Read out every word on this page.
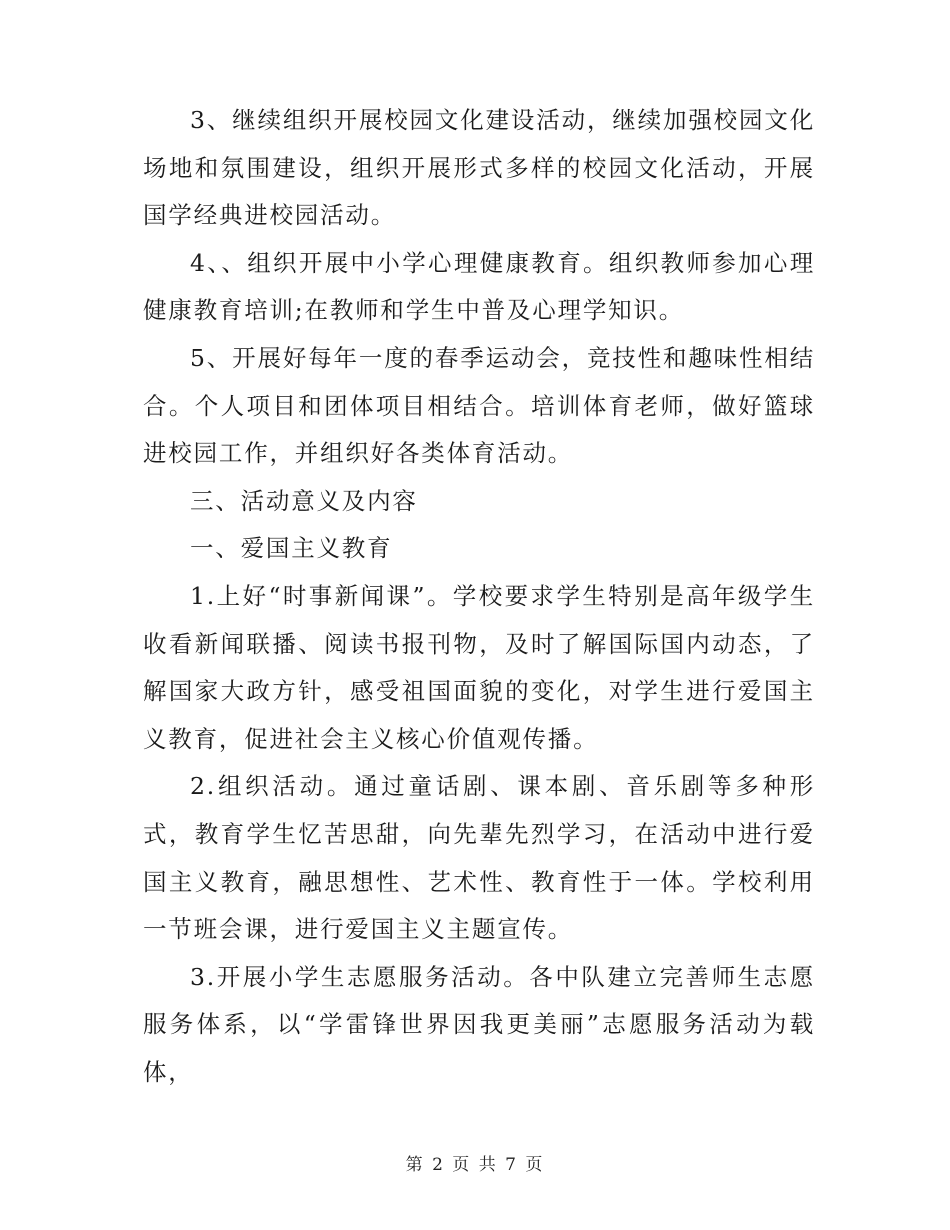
3、继续组织开展校园文化建设活动，继续加强校园文化场地和氛围建设，组织开展形式多样的校园文化活动，开展国学经典进校园活动。

4、、组织开展中小学心理健康教育。组织教师参加心理健康教育培训;在教师和学生中普及心理学知识。

5、开展好每年一度的春季运动会，竞技性和趣味性相结合。个人项目和团体项目相结合。培训体育老师，做好篮球进校园工作，并组织好各类体育活动。

三、活动意义及内容

一、爱国主义教育

1.上好“时事新闻课”。学校要求学生特别是高年级学生收看新闻联播、阅读书报刊物，及时了解国际国内动态，了解国家大政方针，感受祖国面貌的变化，对学生进行爱国主义教育，促进社会主义核心价值观传播。

2.组织活动。通过童话剧、课本剧、音乐剧等多种形式，教育学生忆苦思甜，向先辈先烈学习，在活动中进行爱国主义教育，融思想性、艺术性、教育性于一体。学校利用一节班会课，进行爱国主义主题宣传。

3.开展小学生志愿服务活动。各中队建立完善师生志愿服务体系，以“学雷锋世界因我更美丽”志愿服务活动为载体，

第 2 页 共 7 页
